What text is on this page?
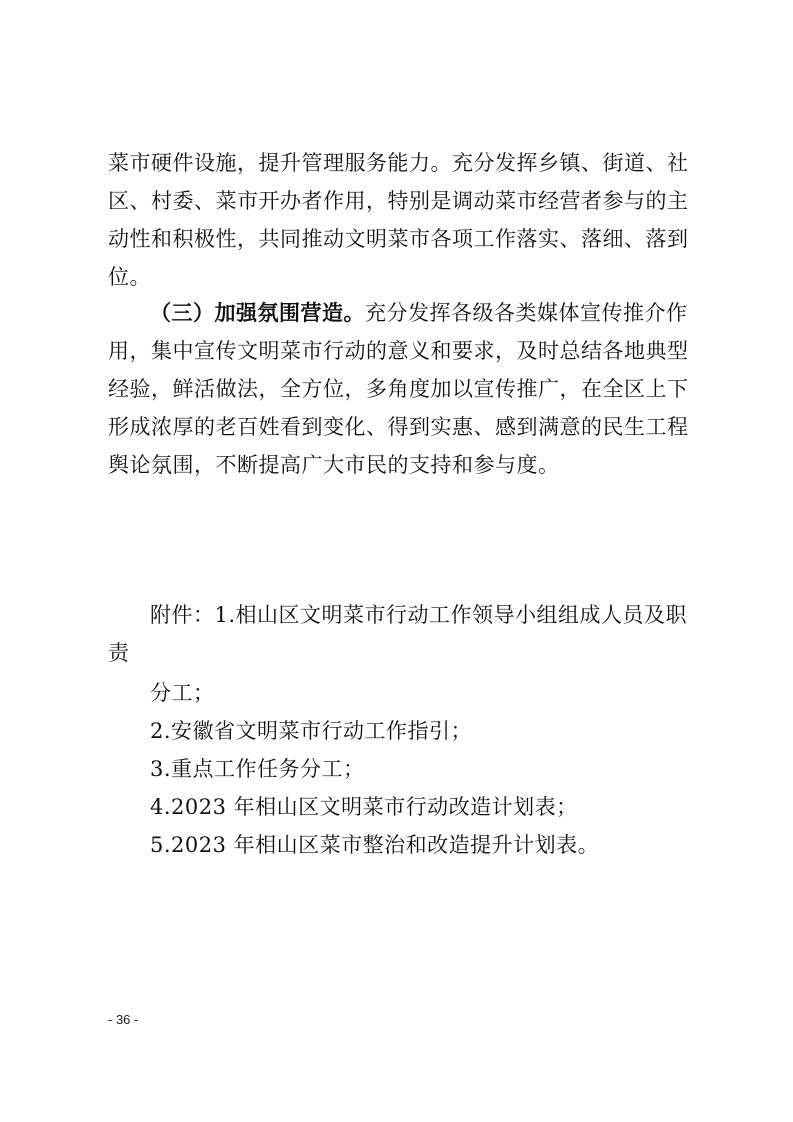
菜市硬件设施，提升管理服务能力。充分发挥乡镇、街道、社
区、村委、菜市开办者作用，特别是调动菜市经营者参与的主
动性和积极性，共同推动文明菜市各项工作落实、落细、落到
位。
（三）加强氛围营造。充分发挥各级各类媒体宣传推介作
用，集中宣传文明菜市行动的意义和要求，及时总结各地典型
经验，鲜活做法，全方位，多角度加以宣传推广，在全区上下
形成浓厚的老百姓看到变化、得到实惠、感到满意的民生工程
舆论氛围，不断提高广大市民的支持和参与度。
附件：1.相山区文明菜市行动工作领导小组组成人员及职
责
分工；
2.安徽省文明菜市行动工作指引；
3.重点工作任务分工；
4.2023 年相山区文明菜市行动改造计划表；
5.2023 年相山区菜市整治和改造提升计划表。
- 36 -
